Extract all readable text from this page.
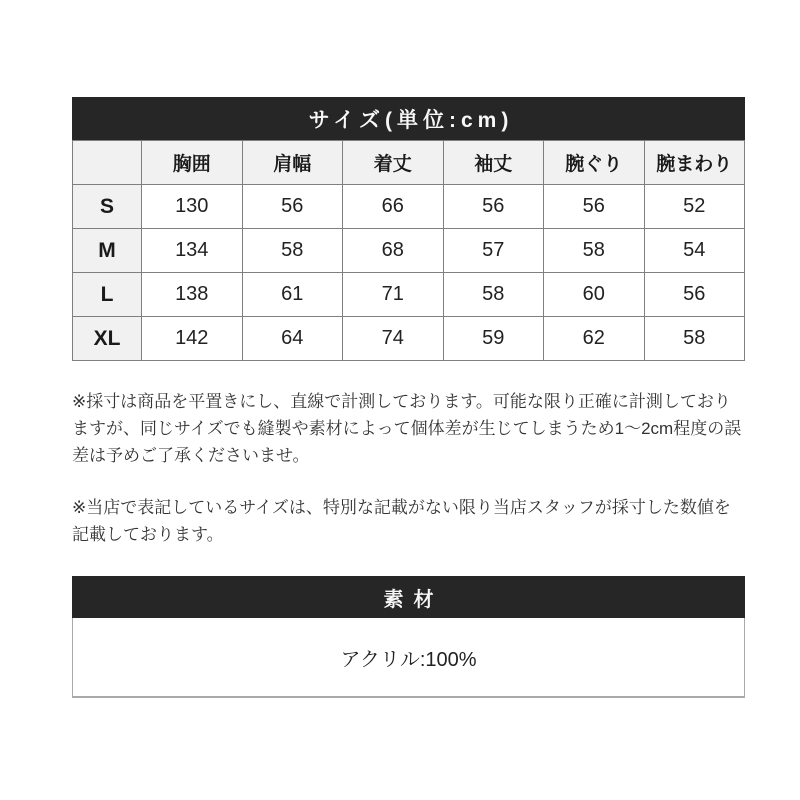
サイズ(単位:cm)
	胸囲	肩幅	着丈	袖丈	腕ぐり	腕まわり
S	130	56	66	56	56	52
M	134	58	68	57	58	54
L	138	61	71	58	60	56
XL	142	64	74	59	62	58

※採寸は商品を平置きにし、直線で計測しております。可能な限り正確に計測しておりますが、同じサイズでも縫製や素材によって個体差が生じてしまうため1〜2cm程度の誤差は予めご了承くださいませ。

※当店で表記しているサイズは、特別な記載がない限り当店スタッフが採寸した数値を記載しております。

素材
アクリル:100%
